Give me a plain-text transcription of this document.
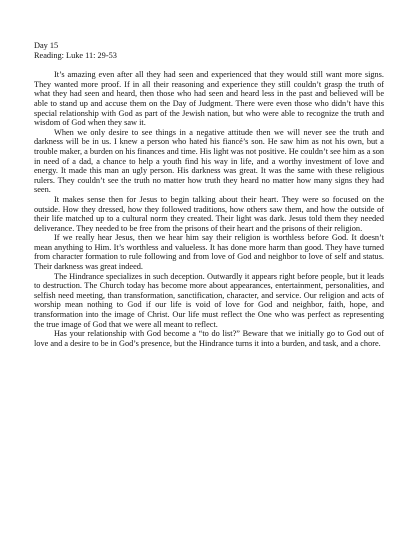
Day 15
Reading: Luke 11: 29-53

It’s amazing even after all they had seen and experienced that they would still want more signs. They wanted more proof. If in all their reasoning and experience they still couldn’t grasp the truth of what they had seen and heard, then those who had seen and heard less in the past and believed will be able to stand up and accuse them on the Day of Judgment. There were even those who didn’t have this special relationship with God as part of the Jewish nation, but who were able to recognize the truth and wisdom of God when they saw it.

When we only desire to see things in a negative attitude then we will never see the truth and darkness will be in us. I knew a person who hated his fiancé’s son. He saw him as not his own, but a trouble maker, a burden on his finances and time. His light was not positive. He couldn’t see him as a son in need of a dad, a chance to help a youth find his way in life, and a worthy investment of love and energy. It made this man an ugly person. His darkness was great. It was the same with these religious rulers. They couldn’t see the truth no matter how truth they heard no matter how many signs they had seen.

It makes sense then for Jesus to begin talking about their heart. They were so focused on the outside. How they dressed, how they followed traditions, how others saw them, and how the outside of their life matched up to a cultural norm they created. Their light was dark. Jesus told them they needed deliverance. They needed to be free from the prisons of their heart and the prisons of their religion.

If we really hear Jesus, then we hear him say their religion is worthless before God. It doesn’t mean anything to Him. It’s worthless and valueless. It has done more harm than good. They have turned from character formation to rule following and from love of God and neighbor to love of self and status. Their darkness was great indeed.

The Hindrance specializes in such deception. Outwardly it appears right before people, but it leads to destruction. The Church today has become more about appearances, entertainment, personalities, and selfish need meeting, than transformation, sanctification, character, and service. Our religion and acts of worship mean nothing to God if our life is void of love for God and neighbor, faith, hope, and transformation into the image of Christ. Our life must reflect the One who was perfect as representing the true image of God that we were all meant to reflect.

Has your relationship with God become a “to do list?” Beware that we initially go to God out of love and a desire to be in God’s presence, but the Hindrance turns it into a burden, and task, and a chore.
